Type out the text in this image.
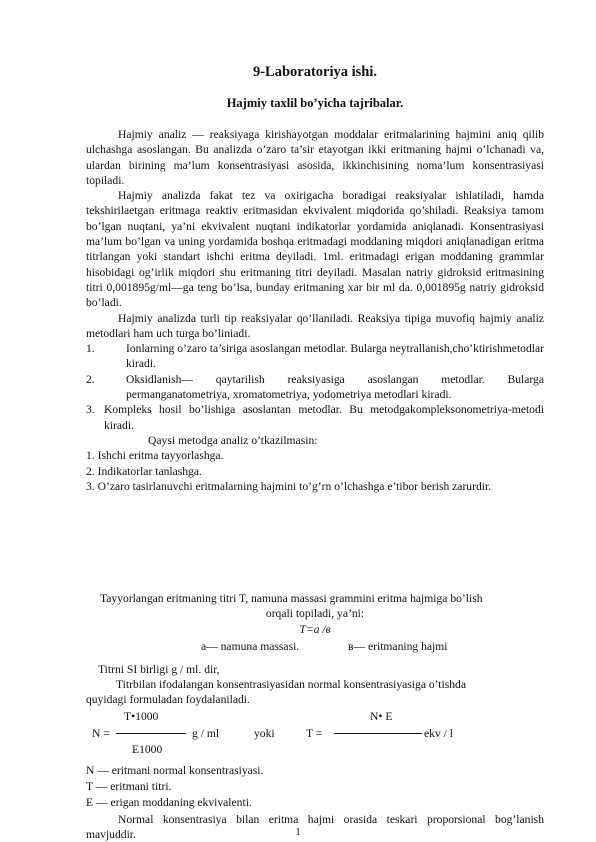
9-Laboratoriya ishi.
Hajmiy taxlil bo’yicha tajribalar.

Hajmiy analiz — reaksiyaga kirishayotgan moddalar eritmalarining hajmini aniq qilib ulchashga asoslangan. Bu analizda o’zaro ta’sir etayotgan ikki eritmaning hajmi o’lchanadi va, ulardan birining ma’lum konsentrasiyasi asosida, ikkinchisining noma’lum konsentrasiyasi topiladi.

Hajmiy analizda fakat tez va oxirigacha boradigai reaksiyalar ishlatiladi, hamda tekshirilaetgan eritmaga reaktiv eritmasidan ekvivalent miqdorida qo’shiladi. Reaksiya tamom bo’lgan nuqtani, ya’ni ekvivalent nuqtani indikatorlar yordamida aniqlanadi. Konsentrasiyasi ma’lum bo’lgan va uning yordamida boshqa eritmadagi moddaning miqdori aniqlanadigan eritma titrlangan yoki standart ishchi eritma deyiladi. 1ml. eritmadagi erigan moddaning grammlar hisobidagi og’irlik miqdori shu eritmaning titri deyiladi. Masalan natriy gidroksid eritmasining titri 0,001895g/ml—ga teng bo’lsa, bunday eritmaning xar bir ml da. 0,001895g natriy gidroksid bo’ladi.

Hajmiy analizda turli tip reaksiyalar qo’llaniladi. Reaksiya tipiga muvofiq hajmiy analiz metodlari ham uch turga bo’liniadi.

1.	Ionlarning o’zaro ta’siriga asoslangan metodlar. Bularga neytrallanish,cho’ktirishmetodlar kiradi.
2.	Oksidlanish— qaytarilish reaksiyasiga asoslangan metodlar. Bularga permanganatometriya, xromatometriya, yodometriya metodlari kiradi.
3. Kompleks hosil bo’lishiga asoslantan metodlar. Bu metodgakompleksonometriya-metodi kiradi.

Qaysi metodga analiz o’tkazilmasin:

1. Ishchi eritma tayyorlashga.

2. Indikatorlar tanlashga.

3. O’zaro tasirlanuvchi eritmalarning hajmini to’g’rn o’lchashga e’tibor berish zarurdir.

Tayyorlangan eritmaning titri T, namuna massasi grammini eritma hajmiga bo’lish
orqali topiladi, ya’ni:
T=a /в
a— namuna massasi.	в— eritmaning hajmi
Titrni SI birligi g / ml. dir,
Titrbilan ifodalangan konsentrasiyasidan normal konsentrasiyasiga o’tishda
quyidagi formuladan foydalaniladi.
T•1000	N• E
N =	g / ml	yoki	T =	ekv / l
E1000
N — eritmani normal konsentrasiyasi.
T — eritmani titri.
E — erigan moddaning ekvivalenti.

Normal konsentrasiya bilan eritma hajmi orasida teskari proporsional bog’lanish mavjuddir.	1
